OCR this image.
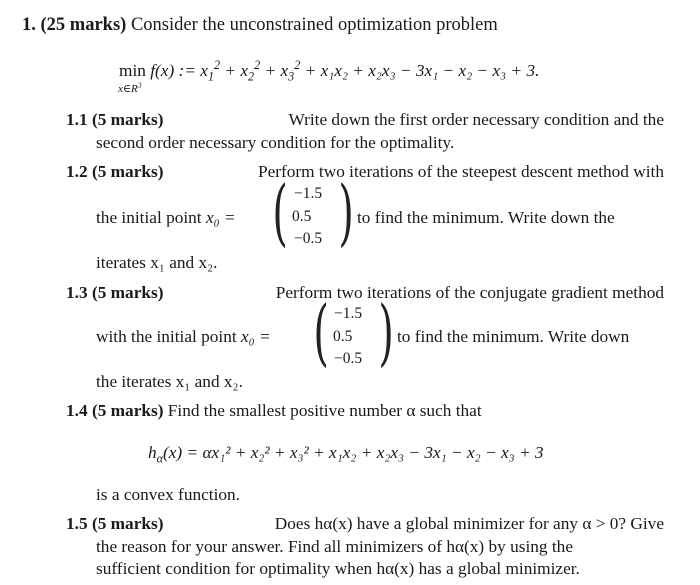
1. (25 marks) Consider the unconstrained optimization problem
min f(x) := $x_1^2 + x_2^2 + x_3^2 + x_1x_2 + x_2x_3 - 3x_1 - x_2 - x_3 + 3$.
$x\in R^3$
1.1 (5 marks)	Write down the first order necessary condition and the
second order necessary condition for the optimality.
1.2 (5 marks)	Perform two iterations of the steepest descent method with
the initial point x₀ = ( −1.5
0.5
−0.5 ) to find the minimum. Write down the
iterates x₁ and x₂.
1.3 (5 marks)	Perform two iterations of the conjugate gradient method
with the initial point x₀ = ( −1.5
0.5
−0.5 ) to find the minimum. Write down
the iterates x₁ and x₂.
1.4 (5 marks) Find the smallest positive number α such that
$h_\alpha(x) = \alpha x_1^2 + x_2^2 + x_3^2 + x_1x_2 + x_2x_3 - 3x_1 - x_2 - x_3 + 3$
is a convex function.
1.5 (5 marks)	Does hα(x) have a global minimizer for any α > 0? Give
the reason for your answer. Find all minimizers of hα(x) by using the
sufficient condition for optimality when hα(x) has a global minimizer.
